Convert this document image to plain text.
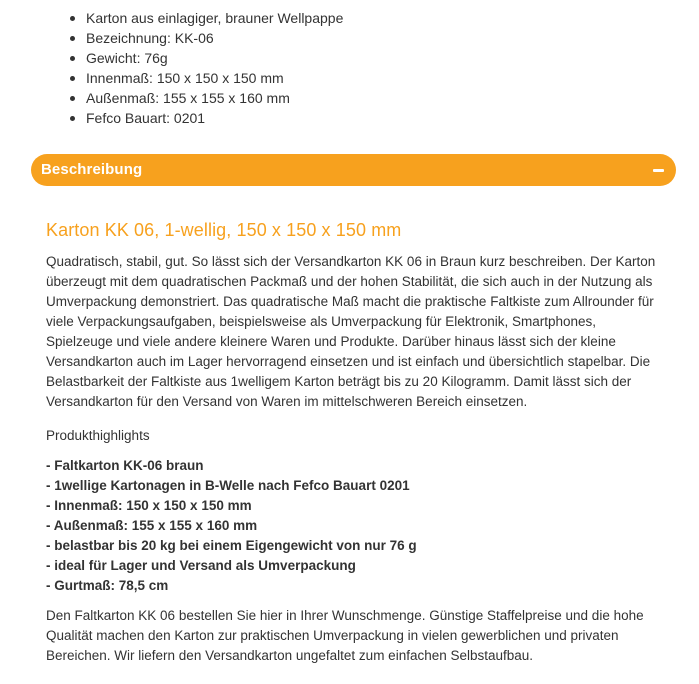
Karton aus einlagiger, brauner Wellpappe
Bezeichnung: KK-06
Gewicht: 76g
Innenmaß: 150 x 150 x 150 mm
Außenmaß: 155 x 155 x 160 mm
Fefco Bauart: 0201
Beschreibung
Karton KK 06, 1-wellig, 150 x 150 x 150 mm

Quadratisch, stabil, gut. So lässt sich der Versandkarton KK 06 in Braun kurz beschreiben. Der Karton überzeugt mit dem quadratischen Packmaß und der hohen Stabilität, die sich auch in der Nutzung als Umverpackung demonstriert. Das quadratische Maß macht die praktische Faltkiste zum Allrounder für viele Verpackungsaufgaben, beispielsweise als Umverpackung für Elektronik, Smartphones, Spielzeuge und viele andere kleinere Waren und Produkte. Darüber hinaus lässt sich der kleine Versandkarton auch im Lager hervorragend einsetzen und ist einfach und übersichtlich stapelbar. Die Belastbarkeit der Faltkiste aus 1welligem Karton beträgt bis zu 20 Kilogramm. Damit lässt sich der Versandkarton für den Versand von Waren im mittelschweren Bereich einsetzen.

Produkthighlights

- Faltkarton KK-06 braun
- 1wellige Kartonagen in B-Welle nach Fefco Bauart 0201
- Innenmaß: 150 x 150 x 150 mm
- Außenmaß: 155 x 155 x 160 mm
- belastbar bis 20 kg bei einem Eigengewicht von nur 76 g
- ideal für Lager und Versand als Umverpackung
- Gurtmaß: 78,5 cm

Den Faltkarton KK 06 bestellen Sie hier in Ihrer Wunschmenge. Günstige Staffelpreise und die hohe Qualität machen den Karton zur praktischen Umverpackung in vielen gewerblichen und privaten Bereichen. Wir liefern den Versandkarton ungefaltet zum einfachen Selbstaufbau.
